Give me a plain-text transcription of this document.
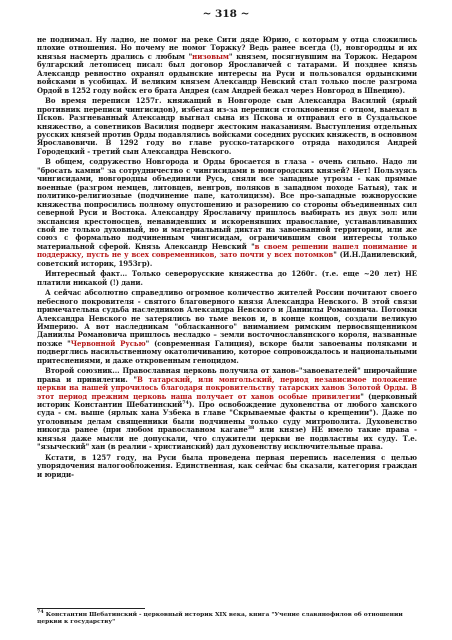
~ 318 ~

не поднимал. Ну ладно, не помог на реке Сити дяде Юрию, с которым у отца сложились плохие отношения. Но почему не помог Торжку? Ведь ранее всегда (!), новгородцы и их князья насмерть дрались с любым "низовым" князем, посягнувшим на Торжок. Недаром булгарский летописец писал: был договор Ярославичей с татарами. И позднее князь Александр ревностно охранял ордынские интересы на Руси и пользовался ордынскими войсками в усобицах. И великим князем Александр Невский стал только после разгрома Ордой в 1252 году войск его брата Андрея (сам Андрей бежал через Новгород в Швецию).

Во время переписи 1257г. княжащий в Новгороде сын Александра Василий (ярый противник переписи чингисидов), избегая из-за переписи столкновения с отцом, выехал в Псков. Разгневанный Александр выгнал сына из Пскова и отправил его в Суздальское княжество, а советников Василия подверг жестоким наказаниям. Выступления отдельных русских князей против Орды подавлялись войсками соседних русских княжеств, в основном Ярославовичи. В 1292 году во главе русско-татарского отряда находился Андрей Городецкий - третий сын Александра Невского.

В общем, содружество Новгорода и Орды бросается в глаза - очень сильно. Надо ли "бросать камни" за сотрудничество с чингисидами в новгородских князей? Нет! Пользуясь чингисидами, новгородцы объединили Русь, сняли все западные угрозы - как прямые военные (разгром немцев, литовцев, венгров, поляков в западном походе Батыя), так и политико-религиозные (подчинение папе, католицизм). Все про-западные южнорусские княжества попросились полному опустошению и разорению со стороны объединенных сил северной Руси и Востока. Александру Ярославичу пришлось выбирать из двух зол: или экспансия крестоносцев, ненавидевших и искоренявших православие, устанавливавших свой не только духовный, но и материальный диктат на завоеванной территории, или же союз с формально подчиненным чингисидам, ограничившим свои интересы только материальной сферой. Князь Александр Невский "в своем решении нашел понимание и поддержку, пусть не у всех современников, зато почти у всех потомков" (И.Н.Данилевский, советский историк, 1953гр).

Интересный факт... Только северорусские княжества до 1260г. (т.е. еще ~20 лет) НЕ платили никакой (!) дани.

А сейчас абсолютно справедливо огромное количество жителей России почитают своего небесного покровителя - святого благоверного князя Александра Невского. В этой связи примечательна судьба наследников Александра Невского и Даниилы Романовича. Потомки Александра Невского не затерялись во тьме веков и, в конце концов, создали великую Империю. А вот наследникам "обласканного" вниманием римским первосвященником Даниилы Романовича пришлось несладко – земли восточнославянского короля, названные позже "Червонной Русью" (современная Галиция), вскоре были завоеваны поляками и подверглись насильственному окатоличиванию, которое сопровождалось и национальными притеснениями, и даже откровенным геноцидом.

Второй союзник... Православная церковь получила от ханов–"завоевателей" широчайшие права и привилегии. "В татарский, или монгольский, период независимое положение церкви на нашей упрочилось благодаря покровительству татарских ханов Золотой Орды. В этот период прежним церковь наша получает от ханов особые привилегии" (церковный историк Константин Шебатинский$^{74}$). Про освобождение духовенства от любого ханского суда - см. выше (ярлык хана Узбека в главе "Скрываемые факты о крещении"). Даже по уголовным делам священники были подчинены только суду митрополита. Духовенство никогда ранее (при любом православном кагане$^{38}$ или князе) НЕ имело такие права - князья даже мысли не допускали, что служители церкви не подвластны их суду. Т.е. "языческий" хан (в реалии - христианский) дал духовенству исключительные права.

Кстати, в 1257 году, на Руси была проведена первая перепись населения с целью упорядочения налогообложения. Единственная, как сейчас бы сказали, категория граждан и юриди-

$^{74}$ Константин Шебатинский - церковный историк XIX века, книга "Учение славянофилов об отношении церкви к государству"
